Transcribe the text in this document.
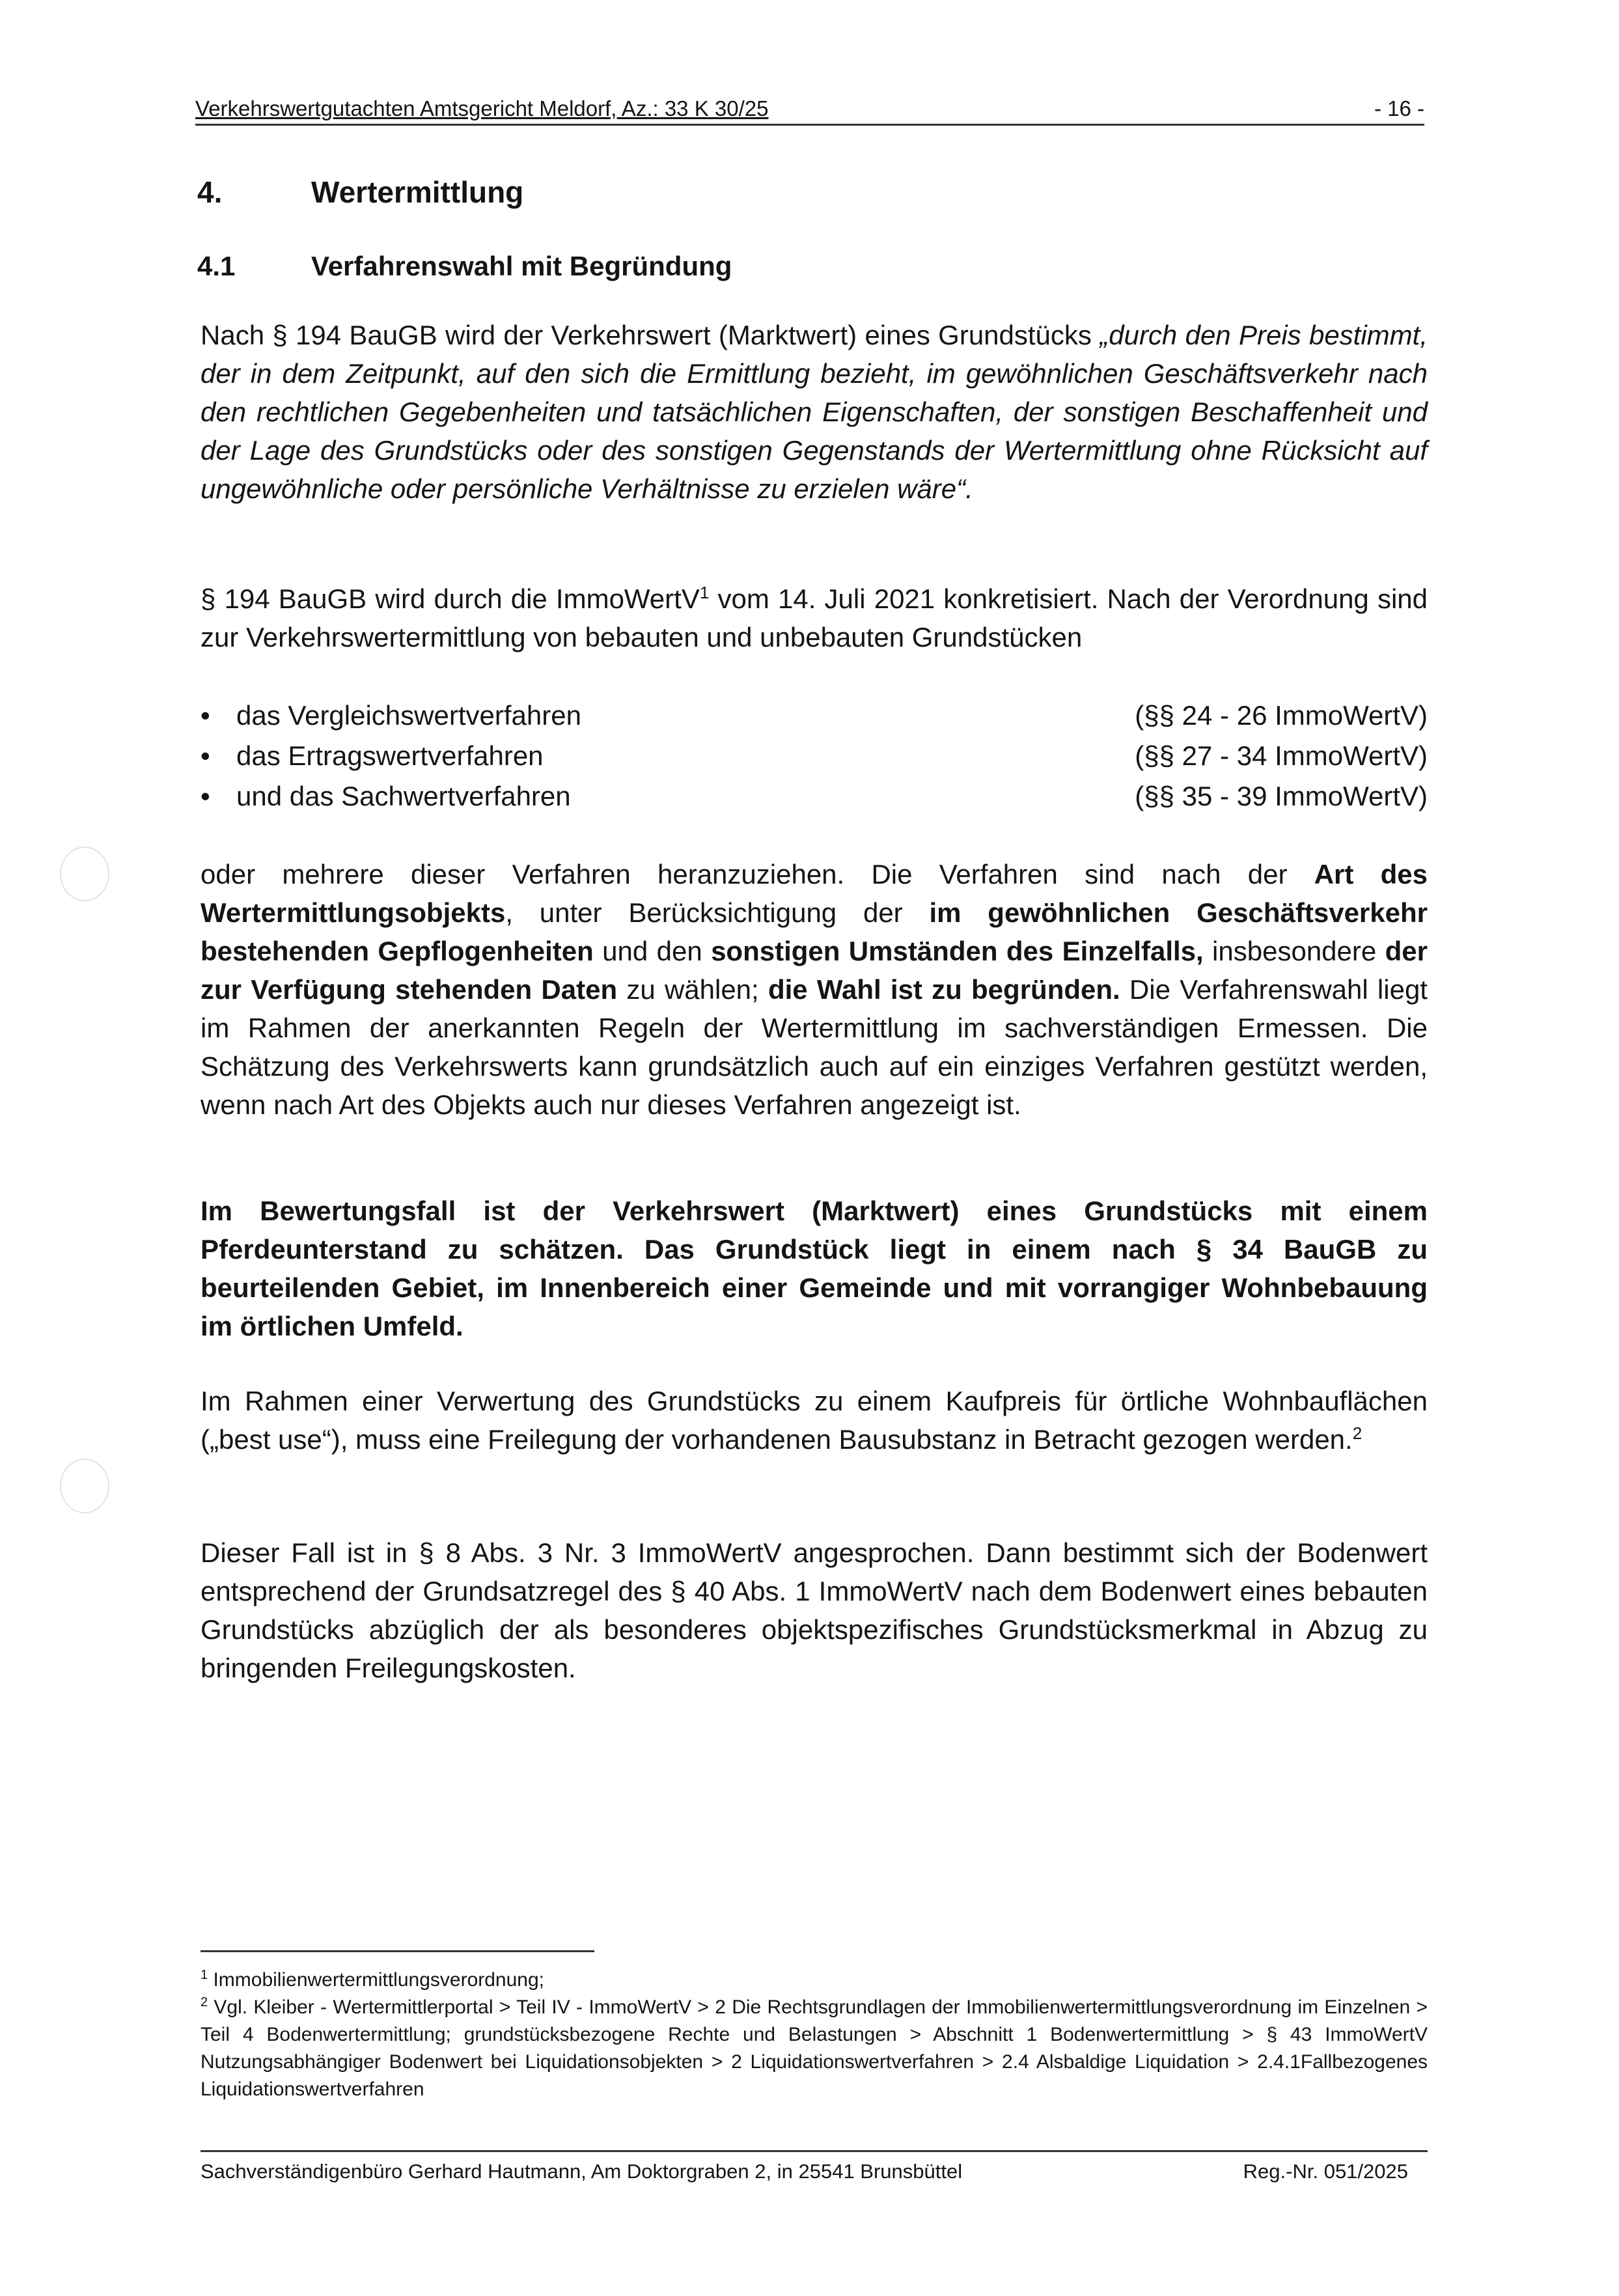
Verkehrswertgutachten Amtsgericht Meldorf, Az.: 33 K 30/25	- 16 -
4.	Wertermittlung
4.1	Verfahrenswahl mit Begründung

Nach § 194 BauGB wird der Verkehrswert (Marktwert) eines Grundstücks „durch den Preis bestimmt, der in dem Zeitpunkt, auf den sich die Ermittlung bezieht, im gewöhnlichen Geschäftsverkehr nach den rechtlichen Gegebenheiten und tatsächlichen Eigenschaften, der sonstigen Beschaffenheit und der Lage des Grundstücks oder des sonstigen Gegenstands der Wertermittlung ohne Rücksicht auf ungewöhnliche oder persönliche Verhältnisse zu erzielen wäre“.

§ 194 BauGB wird durch die ImmoWertV$^1$ vom 14. Juli 2021 konkretisiert. Nach der Verordnung sind zur Verkehrswertermittlung von bebauten und unbebauten Grundstücken

• das Vergleichswertverfahren	(§§ 24 - 26 ImmoWertV)
• das Ertragswertverfahren	(§§ 27 - 34 ImmoWertV)
• und das Sachwertverfahren	(§§ 35 - 39 ImmoWertV)

oder mehrere dieser Verfahren heranzuziehen. Die Verfahren sind nach der Art des Wertermittlungsobjekts, unter Berücksichtigung der im gewöhnlichen Geschäftsverkehr bestehenden Gepflogenheiten und den sonstigen Umständen des Einzelfalls, insbesondere der zur Verfügung stehenden Daten zu wählen; die Wahl ist zu begründen. Die Verfahrenswahl liegt im Rahmen der anerkannten Regeln der Wertermittlung im sachverständigen Ermessen. Die Schätzung des Verkehrswerts kann grundsätzlich auch auf ein einziges Verfahren gestützt werden, wenn nach Art des Objekts auch nur dieses Verfahren angezeigt ist.

Im Bewertungsfall ist der Verkehrswert (Marktwert) eines Grundstücks mit einem Pferdeunterstand zu schätzen. Das Grundstück liegt in einem nach § 34 BauGB zu beurteilenden Gebiet, im Innenbereich einer Gemeinde und mit vorrangiger Wohnbebauung im örtlichen Umfeld.

Im Rahmen einer Verwertung des Grundstücks zu einem Kaufpreis für örtliche Wohnbauflächen („best use“), muss eine Freilegung der vorhandenen Bausubstanz in Betracht gezogen werden.$^2$

Dieser Fall ist in § 8 Abs. 3 Nr. 3 ImmoWertV angesprochen. Dann bestimmt sich der Bodenwert entsprechend der Grundsatzregel des § 40 Abs. 1 ImmoWertV nach dem Bodenwert eines bebauten Grundstücks abzüglich der als besonderes objektspezifisches Grundstücksmerkmal in Abzug zu bringenden Freilegungskosten.

$^1$ Immobilienwertermittlungsverordnung;

$^2$ Vgl. Kleiber - Wertermittlerportal > Teil IV - ImmoWertV > 2 Die Rechtsgrundlagen der Immobilienwertermittlungsverordnung im Einzelnen > Teil 4 Bodenwertermittlung; grundstücksbezogene Rechte und Belastungen > Abschnitt 1 Bodenwertermittlung > § 43 ImmoWertV Nutzungsabhängiger Bodenwert bei Liquidationsobjekten > 2 Liquidationswertverfahren > 2.4 Alsbaldige Liquidation > 2.4.1Fallbezogenes Liquidationswertverfahren

Sachverständigenbüro Gerhard Hautmann, Am Doktorgraben 2, in 25541 Brunsbüttel	Reg.-Nr. 051/2025
